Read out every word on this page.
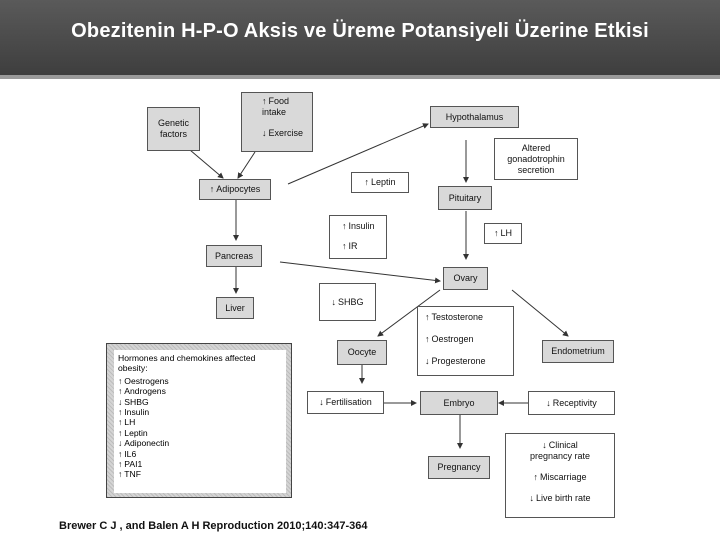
Obezitenin H-P-O Aksis ve Üreme Potansiyeli Üzerine Etkisi
Genetic factors
↑ Food intake
↓ Exercise
Hypothalamus
Altered gonadotrophin secretion
↑ Adipocytes
↑ Leptin
Pituitary
↑ Insulin
↑ IR
↑ LH
Pancreas
Ovary
Liver
↓ SHBG
↑ Testosterone
↑ Oestrogen
↓ Progesterone
Oocyte	Endometrium
↓ Fertilisation	Embryo
↓	Receptivity
↓ Clinical pregnancy rate
↑ Miscarriage
↓ Live birth rate
Pregnancy
Hormones and chemokines affected obesity:
↑ Oestrogens
↑ Androgens
↓ SHBG
↑ Insulin
↑ LH
↑ Leptin
↓ Adiponectin
↑ IL6
↑ PAI1
↑ TNF
Brewer C J , and Balen A H Reproduction 2010;140:347-364
